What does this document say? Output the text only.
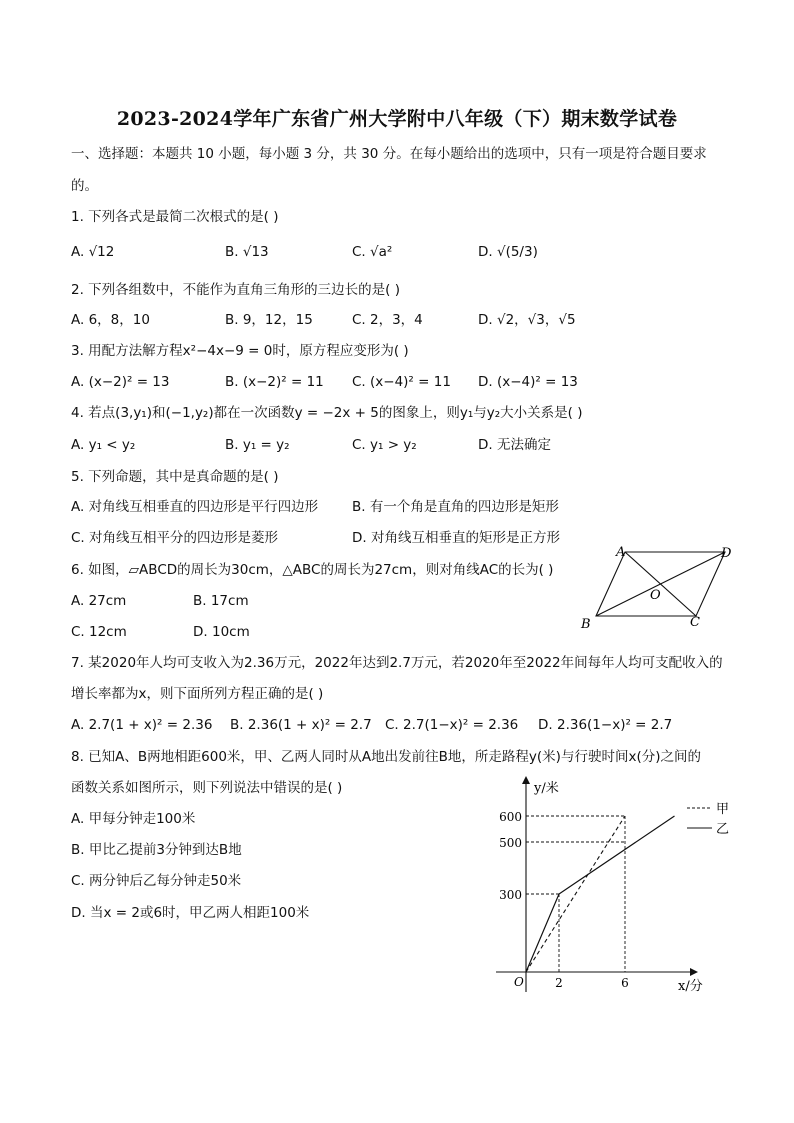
2023-2024学年广东省广州大学附中八年级（下）期末数学试卷
一、选择题：本题共 10 小题，每小题 3 分，共 30 分。在每小题给出的选项中，只有一项是符合题目要求
的。
1. 下列各式是最简二次根式的是( )
A. √12	B. √13	C. √a²	D. √(5/3)
2. 下列各组数中，不能作为直角三角形的三边长的是( )
A. 6，8，10	B. 9，12，15	C. 2，3，4	D. √2，√3，√5
3. 用配方法解方程x²−4x−9 = 0时，原方程应变形为( )
A. (x−2)² = 13	B. (x−2)² = 11 C. (x−4)² = 11 D. (x−4)² = 13
4. 若点(3,y₁)和(−1,y₂)都在一次函数y = −2x + 5的图象上，则y₁与y₂大小关系是( )
A. y₁ < y₂	B. y₁ = y₂	C. y₁ > y₂	D. 无法确定
5. 下列命题，其中是真命题的是( )
A. 对角线互相垂直的四边形是平行四边形	B. 有一个角是直角的四边形是矩形
C. 对角线互相平分的四边形是菱形	D. 对角线互相垂直的矩形是正方形
6. 如图，▱ABCD的周长为30cm，△ABC的周长为27cm，则对角线AC的长为( )
A. 27cm	B. 17cm
C. 12cm	D. 10cm
A	D
B	C
O
7. 某2020年人均可支收入为2.36万元，2022年达到2.7万元，若2020年至2022年间每年人均可支配收入的
增长率都为x，则下面所列方程正确的是( )
A. 2.7(1 + x)² = 2.36 B. 2.36(1 + x)² = 2.7 C. 2.7(1−x)² = 2.36 D. 2.36(1−x)² = 2.7
8. 已知A、B两地相距600米，甲、乙两人同时从A地出发前往B地，所走路程y(米)与行驶时间x(分)之间的
函数关系如图所示，则下列说法中错误的是( )
A. 甲每分钟走100米
B. 甲比乙提前3分钟到达B地
C. 两分钟后乙每分钟走50米
D. 当x = 2或6时，甲乙两人相距100米
600
500
300
2	6
O
y/米
x/分
甲
乙
